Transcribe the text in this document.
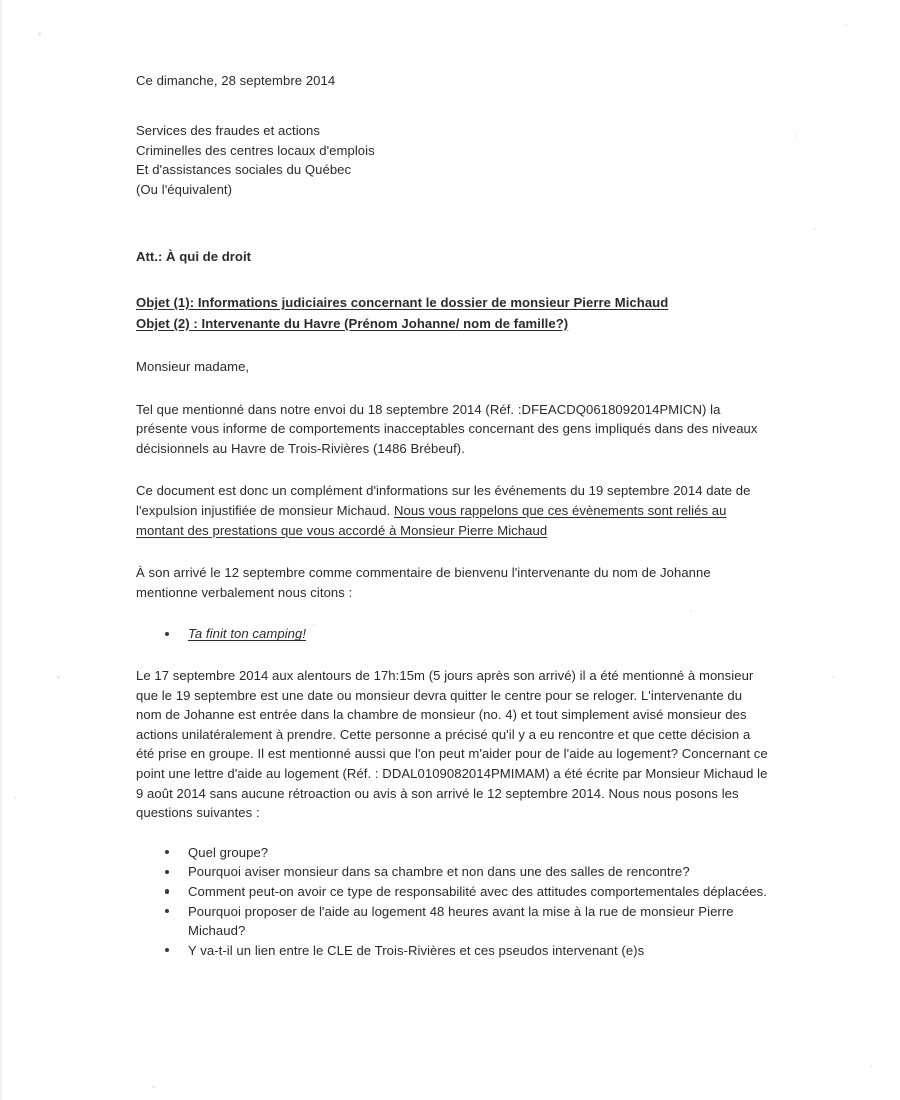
Ce dimanche, 28 septembre 2014
Services des fraudes et actions
Criminelles des centres locaux d'emplois
Et d'assistances sociales du Québec
(Ou l'équivalent)
Att.: À qui de droit
Objet (1): Informations judiciaires concernant le dossier de monsieur Pierre Michaud
Objet (2) : Intervenante du Havre (Prénom Johanne/ nom de famille?)

Monsieur madame,

Tel que mentionné dans notre envoi du 18 septembre 2014 (Réf. :DFEACDQ0618092014PMICN) la présente vous informe de comportements inacceptables concernant des gens impliqués dans des niveaux décisionnels au Havre de Trois-Rivières (1486 Brébeuf).

Ce document est donc un complément d'informations sur les événements du 19 septembre 2014 date de l'expulsion injustifiée de monsieur Michaud. Nous vous rappelons que ces évènements sont reliés au montant des prestations que vous accordé à Monsieur Pierre Michaud

À son arrivé le 12 septembre comme commentaire de bienvenu l'intervenante du nom de Johanne mentionne verbalement nous citons :

Ta finit ton camping!

Le 17 septembre 2014 aux alentours de 17h:15m (5 jours après son arrivé) il a été mentionné à monsieur que le 19 septembre est une date ou monsieur devra quitter le centre pour se reloger. L'intervenante du nom de Johanne est entrée dans la chambre de monsieur (no. 4) et tout simplement avisé monsieur des actions unilatéralement à prendre. Cette personne a précisé qu'il y a eu rencontre et que cette décision a été prise en groupe. Il est mentionné aussi que l'on peut m'aider pour de l'aide au logement? Concernant ce point une lettre d'aide au logement (Réf. : DDAL0109082014PMIMAM) a été écrite par Monsieur Michaud le 9 août 2014 sans aucune rétroaction ou avis à son arrivé le 12 septembre 2014. Nous nous posons les questions suivantes :

Quel groupe?
Pourquoi aviser monsieur dans sa chambre et non dans une des salles de rencontre?
Comment peut-on avoir ce type de responsabilité avec des attitudes comportementales déplacées.
Pourquoi proposer de l'aide au logement 48 heures avant la mise à la rue de monsieur Pierre Michaud?
Y va-t-il un lien entre le CLE de Trois-Rivières et ces pseudos intervenant (e)s
